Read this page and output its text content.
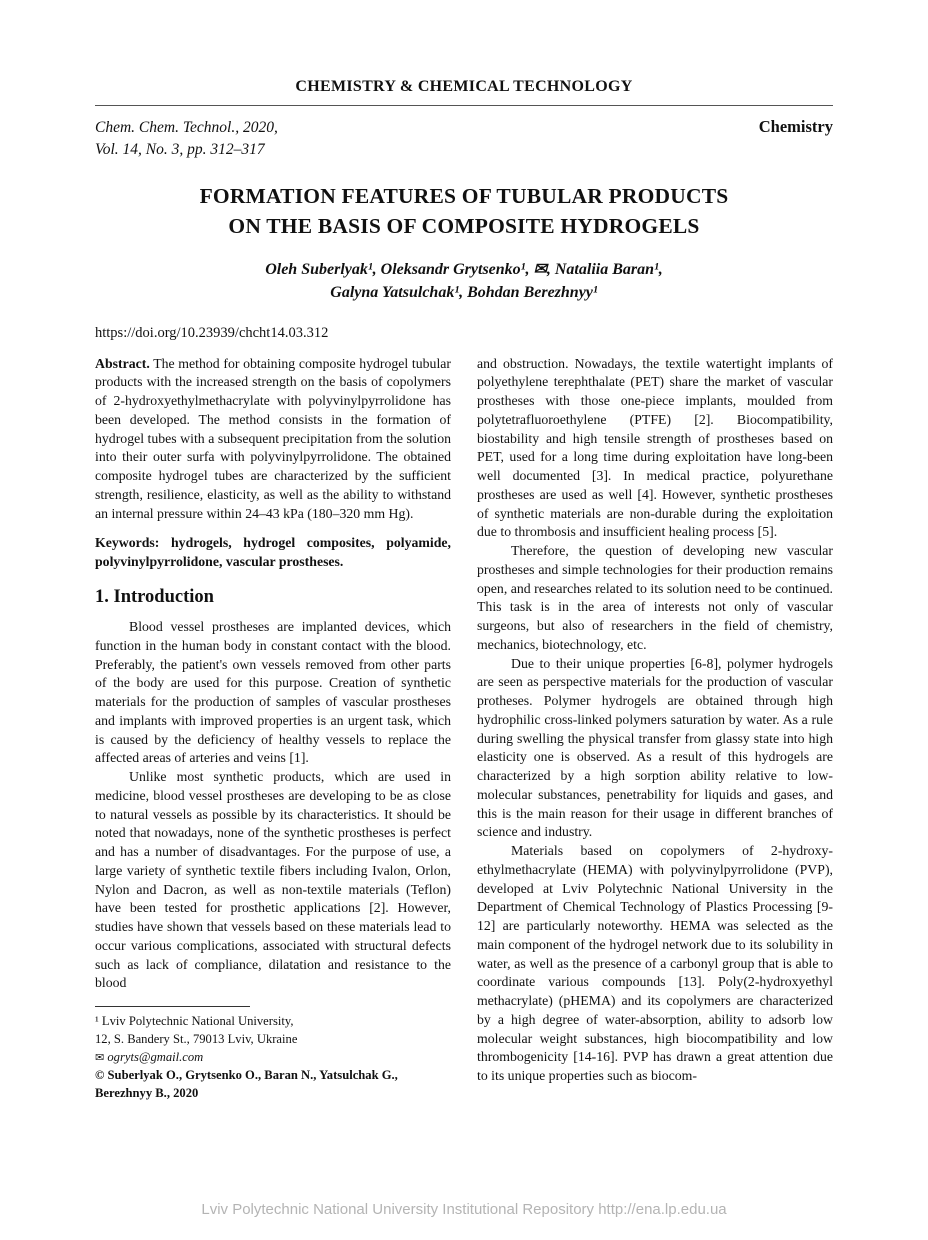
CHEMISTRY & CHEMICAL TECHNOLOGY
Chem. Chem. Technol., 2020,
Vol. 14, No. 3, pp. 312–317
Chemistry
FORMATION FEATURES OF TUBULAR PRODUCTS
ON THE BASIS OF COMPOSITE HYDROGELS
Oleh Suberlyak¹, Oleksandr Grytsenko¹, ✉, Nataliia Baran¹,
Galyna Yatsulchak¹, Bohdan Berezhnyy¹
https://doi.org/10.23939/chcht14.03.312

Abstract. The method for obtaining composite hydrogel tubular products with the increased strength on the basis of copolymers of 2-hydroxyethylmethacrylate with polyvinylpyrrolidone has been developed. The method consists in the formation of hydrogel tubes with a subsequent precipitation from the solution into their outer surfa with polyvinylpyrrolidone. The obtained composite hydrogel tubes are characterized by the sufficient strength, resilience, elasticity, as well as the ability to withstand an internal pressure within 24–43 kPa (180–320 mm Hg).

Keywords: hydrogels, hydrogel composites, polyamide, polyvinylpyrrolidone, vascular prostheses.

1. Introduction

Blood vessel prostheses are implanted devices, which function in the human body in constant contact with the blood. Preferably, the patient's own vessels removed from other parts of the body are used for this purpose. Creation of synthetic materials for the production of samples of vascular prostheses and implants with improved properties is an urgent task, which is caused by the deficiency of healthy vessels to replace the affected areas of arteries and veins [1].

Unlike most synthetic products, which are used in medicine, blood vessel prostheses are developing to be as close to natural vessels as possible by its characteristics. It should be noted that nowadays, none of the synthetic prostheses is perfect and has a number of disadvantages. For the purpose of use, a large variety of synthetic textile fibers including Ivalon, Orlon, Nylon and Dacron, as well as non-textile materials (Teflon) have been tested for prosthetic applications [2]. However, studies have shown that vessels based on these materials lead to occur various complications, associated with structural defects such as lack of compliance, dilatation and resistance to the blood

¹ Lviv Polytechnic National University,
12, S. Bandery St., 79013 Lviv, Ukraine
✉ ogryts@gmail.com
© Suberlyak O., Grytsenko O., Baran N., Yatsulchak G., Berezhnyy B., 2020

and obstruction. Nowadays, the textile watertight implants of polyethylene terephthalate (PET) share the market of vascular prostheses with those one-piece implants, moulded from polytetrafluoroethylene (PTFE) [2]. Biocompatibility, biostability and high tensile strength of prostheses based on PET, used for a long time during exploitation have long-been well documented [3]. In medical practice, polyurethane prostheses are used as well [4]. However, synthetic prostheses of synthetic materials are non-durable during the exploitation due to thrombosis and insufficient healing process [5].

Therefore, the question of developing new vascular prostheses and simple technologies for their production remains open, and researches related to its solution need to be continued. This task is in the area of interests not only of vascular surgeons, but also of researchers in the field of chemistry, mechanics, biotechnology, etc.

Due to their unique properties [6-8], polymer hydrogels are seen as perspective materials for the production of vascular protheses. Polymer hydrogels are obtained through high hydrophilic cross-linked polymers saturation by water. As a rule during swelling the physical transfer from glassy state into high elasticity one is observed. As a result of this hydrogels are characterized by a high sorption ability relative to low-molecular substances, penetrability for liquids and gases, and this is the main reason for their usage in different branches of science and industry.

Materials based on copolymers of 2-hydroxy-ethylmethacrylate (HEMA) with polyvinylpyrrolidone (PVP), developed at Lviv Polytechnic National University in the Department of Chemical Technology of Plastics Processing [9-12] are particularly noteworthy. HEMA was selected as the main component of the hydrogel network due to its solubility in water, as well as the presence of a carbonyl group that is able to coordinate various compounds [13]. Poly(2-hydroxyethyl methacrylate) (pHEMA) and its copolymers are characterized by a high degree of water-absorption, ability to adsorb low molecular weight substances, high biocompatibility and low thrombogenicity [14-16]. PVP has drawn a great attention due to its unique properties such as biocom-

Lviv Polytechnic National University Institutional Repository http://ena.lp.edu.ua
